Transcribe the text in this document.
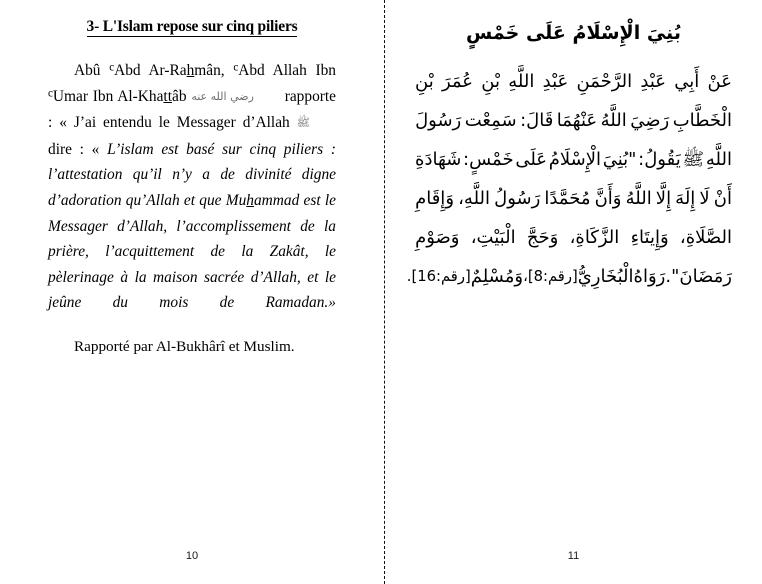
3- L'Islam repose sur cinq piliers
Abû $^c$Abd Ar-Rahmân, $^c$Abd Allah Ibn $^c$Umar Ibn Al-Khattâb رضي الله عنه rapporte : « J’ai entendu le Messager d’Allah ﷺ dire : « L’islam est basé sur cinq piliers : l’attestation qu’il n’y a de divinité digne d’adoration qu’Allah et que Muhammad est le Messager d’Allah, l’accomplissement de la prière, l’acquittement de la Zakât, le pèlerinage à la maison sacrée d’Allah, et le jeûne du mois de Ramadan.»
Rapporté par Al-Bukhârî et Muslim.
بُنِيَ الْإِسْلَامُ عَلَى خَمْسٍ
عَنْ
أَبِي
عَبْدِ
الرَّحْمَنِ
عَبْدِ
اللَّهِ
بْنِ
عُمَرَ
بْنِ
الْخَطَّابِ
رَضِيَ
اللَّهُ
عَنْهُمَا
قَالَ:
سَمِعْت
رَسُولَ
اللَّهِ
ﷺ
يَقُولُ:
"بُنِيَ
الْإِسْلَامُ
عَلَى
خَمْسٍ:
شَهَادَةِ
أَنْ
لَا
إِلَهَ
إِلَّا
اللَّهُ
وَأَنَّ
مُحَمَّدًا
رَسُولُ
اللَّهِ،
وَإِقَامِ
الصَّلَاةِ،
وَإِيتَاءِ
الزَّكَاةِ،
وَحَجَّ
الْبَيْتِ،
وَصَوْمِ
رَمَضَانَ".
رَوَاهُ
الْبُخَارِيُّ
[رقم:8]،
وَمُسْلِمٌ
[رقم:16].
10	11
